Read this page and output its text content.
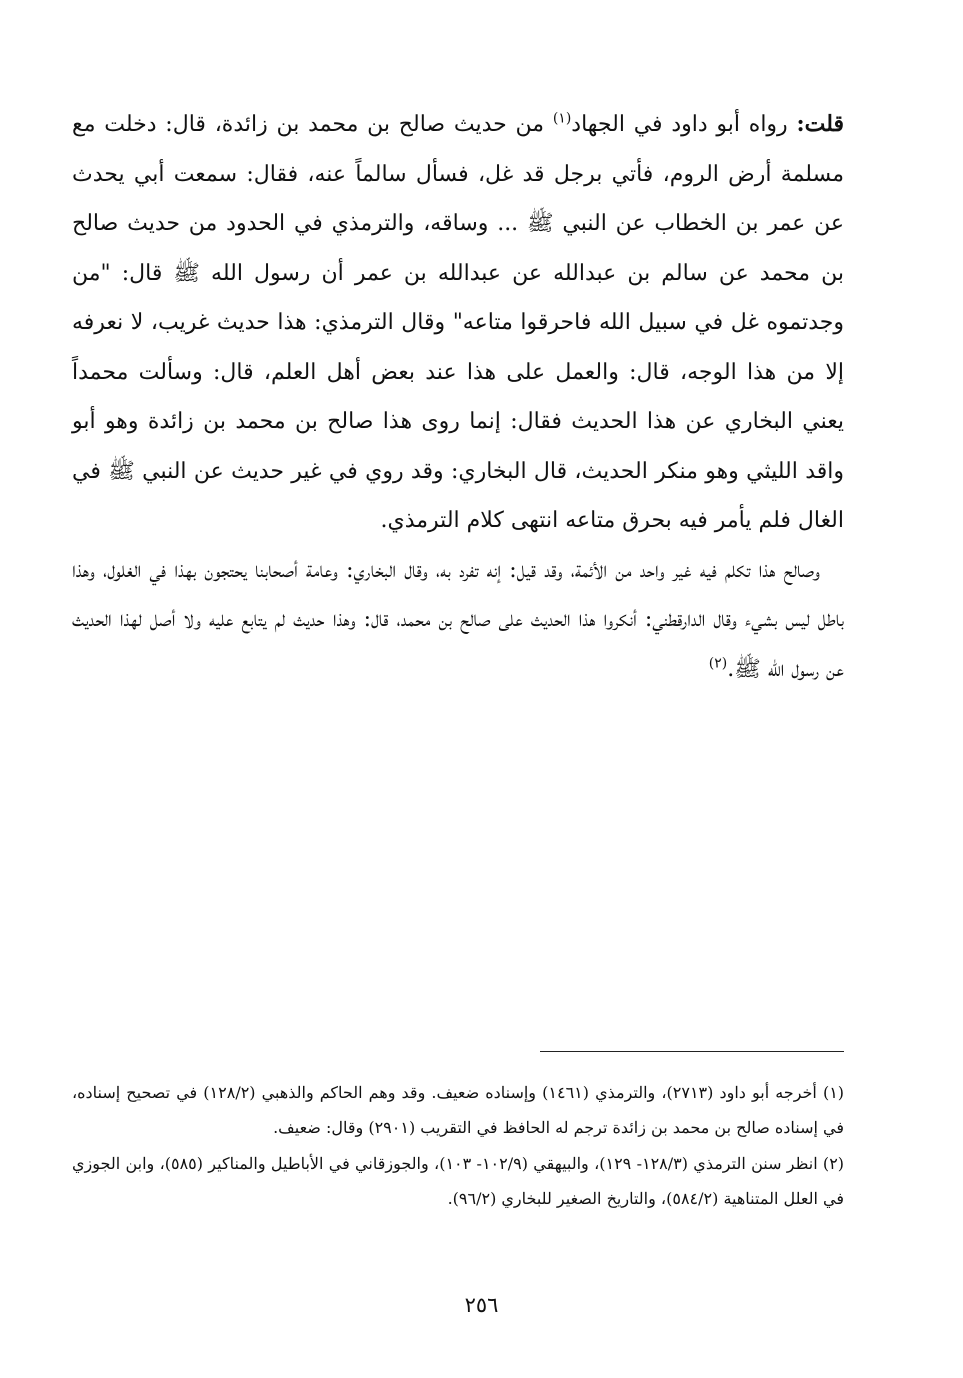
قلت: رواه أبو داود في الجهاد$^{(١)}$ من حديث صالح بن محمد بن زائدة، قال: دخلت مع مسلمة أرض الروم، فأتي برجل قد غل، فسأل سالماً عنه، فقال: سمعت أبي يحدث عن عمر بن الخطاب عن النبي ﷺ ... وساقه، والترمذي في الحدود من حديث صالح بن محمد عن سالم بن عبدالله عن عبدالله بن عمر أن رسول الله ﷺ قال: "من وجدتموه غل في سبيل الله فاحرقوا متاعه" وقال الترمذي: هذا حديث غريب، لا نعرفه إلا من هذا الوجه، قال: والعمل على هذا عند بعض أهل العلم، قال: وسألت محمداً يعني البخاري عن هذا الحديث فقال: إنما روى هذا صالح بن محمد بن زائدة وهو أبو واقد الليثي وهو منكر الحديث، قال البخاري: وقد روي في غير حديث عن النبي ﷺ في الغال فلم يأمر فيه بحرق متاعه انتهى كلام الترمذي.

وصالح هذا تكلم فيه غير واحد من الأئمة، وقد قيل: إنه تفرد به، وقال البخاري: وعامة أصحابنا يحتجون بهذا في الغلول، وهذا باطل ليس بشيء وقال الدارقطني: أنكروا هذا الحديث على صالح بن محمد، قال: وهذا حديث لم يتابع عليه ولا أصل لهذا الحديث عن رسول الله ﷺ.$^{(٢)}$

(١) أخرجه أبو داود (٢٧١٣)، والترمذي (١٤٦١) وإسناده ضعيف. وقد وهم الحاكم والذهبي (١٢٨/٢) في تصحيح إسناده، في إسناده صالح بن محمد بن زائدة ترجم له الحافظ في التقريب (٢٩٠١) وقال: ضعيف.

(٢) انظر سنن الترمذي (١٢٨/٣- ١٢٩)، والبيهقي (١٠٢/٩- ١٠٣)، والجوزقاني في الأباطيل والمناكير (٥٨٥)، وابن الجوزي في العلل المتناهية (٥٨٤/٢)، والتاريخ الصغير للبخاري (٩٦/٢).

٢٥٦
